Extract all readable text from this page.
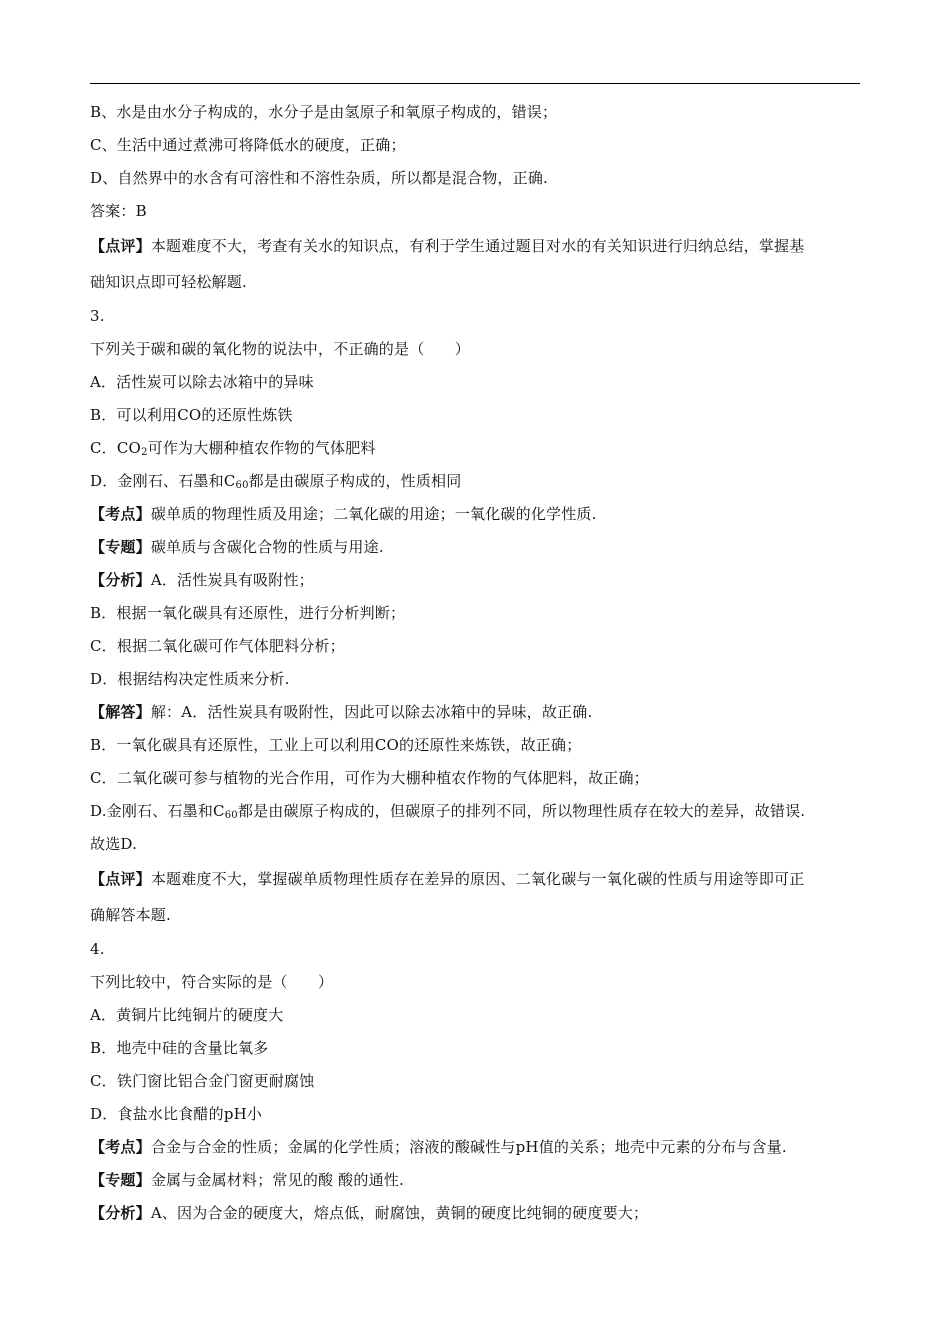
B、水是由水分子构成的，水分子是由氢原子和氧原子构成的，错误；
C、生活中通过煮沸可将降低水的硬度，正确；
D、自然界中的水含有可溶性和不溶性杂质，所以都是混合物，正确.
答案：B
【点评】本题难度不大，考查有关水的知识点，有利于学生通过题目对水的有关知识进行归纳总结，掌握基
础知识点即可轻松解题.
3.
下列关于碳和碳的氧化物的说法中，不正确的是（　　）
A．活性炭可以除去冰箱中的异味
B．可以利用CO的还原性炼铁
C．$CO_2$可作为大棚种植农作物的气体肥料
D．金刚石、石墨和$C_{60}$都是由碳原子构成的，性质相同
【考点】碳单质的物理性质及用途；二氧化碳的用途；一氧化碳的化学性质.
【专题】碳单质与含碳化合物的性质与用途.
【分析】A．活性炭具有吸附性；
B．根据一氧化碳具有还原性，进行分析判断；
C．根据二氧化碳可作气体肥料分析；
D．根据结构决定性质来分析.
【解答】解：A．活性炭具有吸附性，因此可以除去冰箱中的异味，故正确.
B．一氧化碳具有还原性，工业上可以利用CO的还原性来炼铁，故正确；
C．二氧化碳可参与植物的光合作用，可作为大棚种植农作物的气体肥料，故正确；
D.金刚石、石墨和$C_{60}$都是由碳原子构成的，但碳原子的排列不同，所以物理性质存在较大的差异，故错误.
故选D.
【点评】本题难度不大，掌握碳单质物理性质存在差异的原因、二氧化碳与一氧化碳的性质与用途等即可正
确解答本题.
4.
下列比较中，符合实际的是（　　）
A．黄铜片比纯铜片的硬度大
B．地壳中硅的含量比氧多
C．铁门窗比铝合金门窗更耐腐蚀
D．食盐水比食醋的pH小
【考点】合金与合金的性质；金属的化学性质；溶液的酸碱性与pH值的关系；地壳中元素的分布与含量.
【专题】金属与金属材料；常见的酸 酸的通性.
【分析】A、因为合金的硬度大，熔点低，耐腐蚀，黄铜的硬度比纯铜的硬度要大；
